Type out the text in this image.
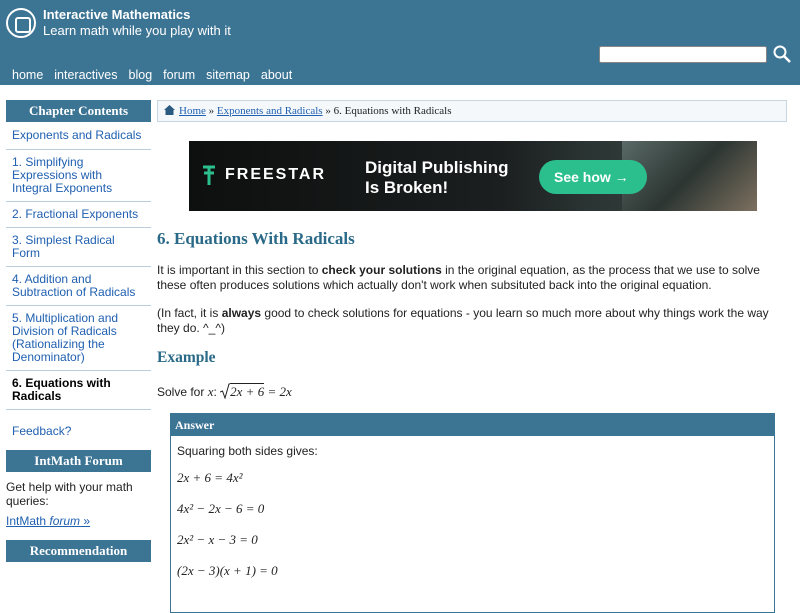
Interactive Mathematics
Learn math while you play with it
home interactives blog forum sitemap about
Chapter Contents
Exponents and Radicals
1. Simplifying Expressions with Integral Exponents
2. Fractional Exponents
3. Simplest Radical Form
4. Addition and Subtraction of Radicals
5. Multiplication and Division of Radicals (Rationalizing the Denominator)
6. Equations with Radicals
Feedback?
IntMath Forum
Get help with your math queries:
IntMath forum »
Recommendation
Home » Exponents and Radicals » 6. Equations with Radicals
FREESTAR Digital Publishing
Is Broken!
See how →
6. Equations With Radicals

It is important in this section to check your solutions in the original equation, as the process that we use to solve these often produces solutions which actually don't work when subsituted back into the original equation.

(In fact, it is always good to check solutions for equations - you learn so much more about why things work the way they do. ^_^)

Example
Solve for x: 2x + 6 = 2x
Answer
Squaring both sides gives:
2x + 6 = 4x²
4x² − 2x − 6 = 0
2x² − x − 3 = 0
(2x − 3)(x + 1) = 0
